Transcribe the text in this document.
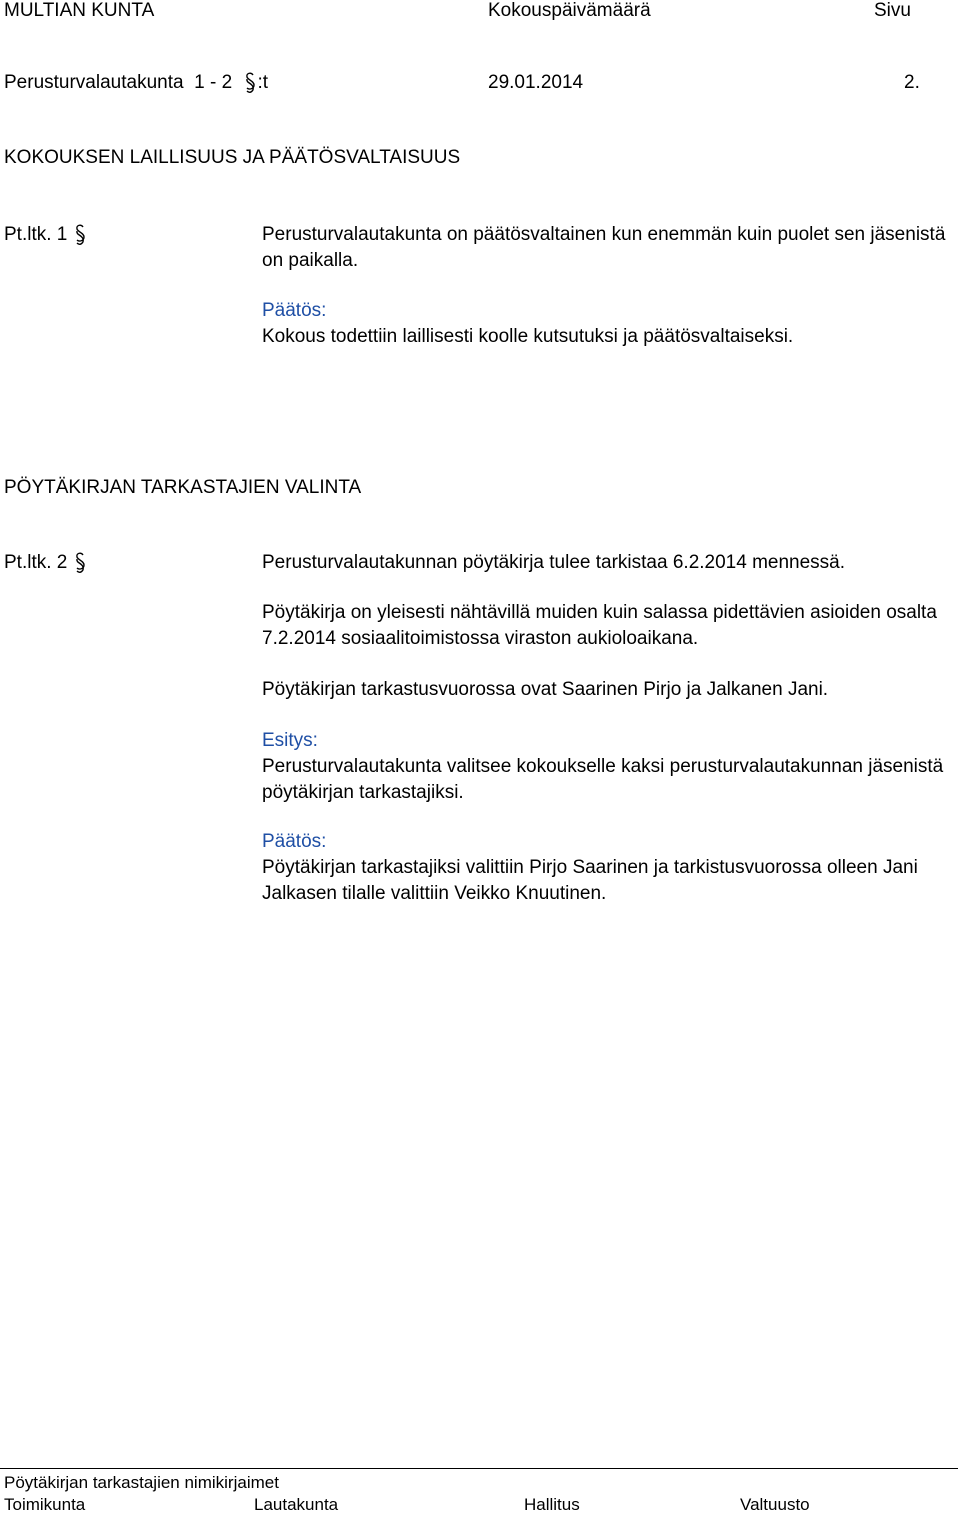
MULTIAN KUNTA	Kokouspäivämäärä	Sivu
Perusturvalautakunta 1 - 2 :t	29.01.2014	2.
KOKOUKSEN LAILLISUUS JA PÄÄTÖSVALTAISUUS
Pt.ltk. 1	Perusturvalautakunta on päätösvaltainen kun enemmän kuin puolet sen jäsenistä on paikalla.

Päätös:

Kokous todettiin laillisesti koolle kutsutuksi ja päätösvaltaiseksi.

PÖYTÄKIRJAN TARKASTAJIEN VALINTA
Pt.ltk. 2	Perusturvalautakunnan pöytäkirja tulee tarkistaa 6.2.2014 mennessä.

Pöytäkirja on yleisesti nähtävillä muiden kuin salassa pidettävien asioiden osalta 7.2.2014 sosiaalitoimistossa viraston aukioloaikana.

Pöytäkirjan tarkastusvuorossa ovat Saarinen Pirjo ja Jalkanen Jani.

Esitys:

Perusturvalautakunta valitsee kokoukselle kaksi perusturvalautakunnan jäsenistä pöytäkirjan tarkastajiksi.

Päätös:

Pöytäkirjan tarkastajiksi valittiin Pirjo Saarinen ja tarkistusvuorossa olleen Jani Jalkasen tilalle valittiin Veikko Knuutinen.

Pöytäkirjan tarkastajien nimikirjaimet
Toimikunta	Lautakunta	Hallitus	Valtuusto
